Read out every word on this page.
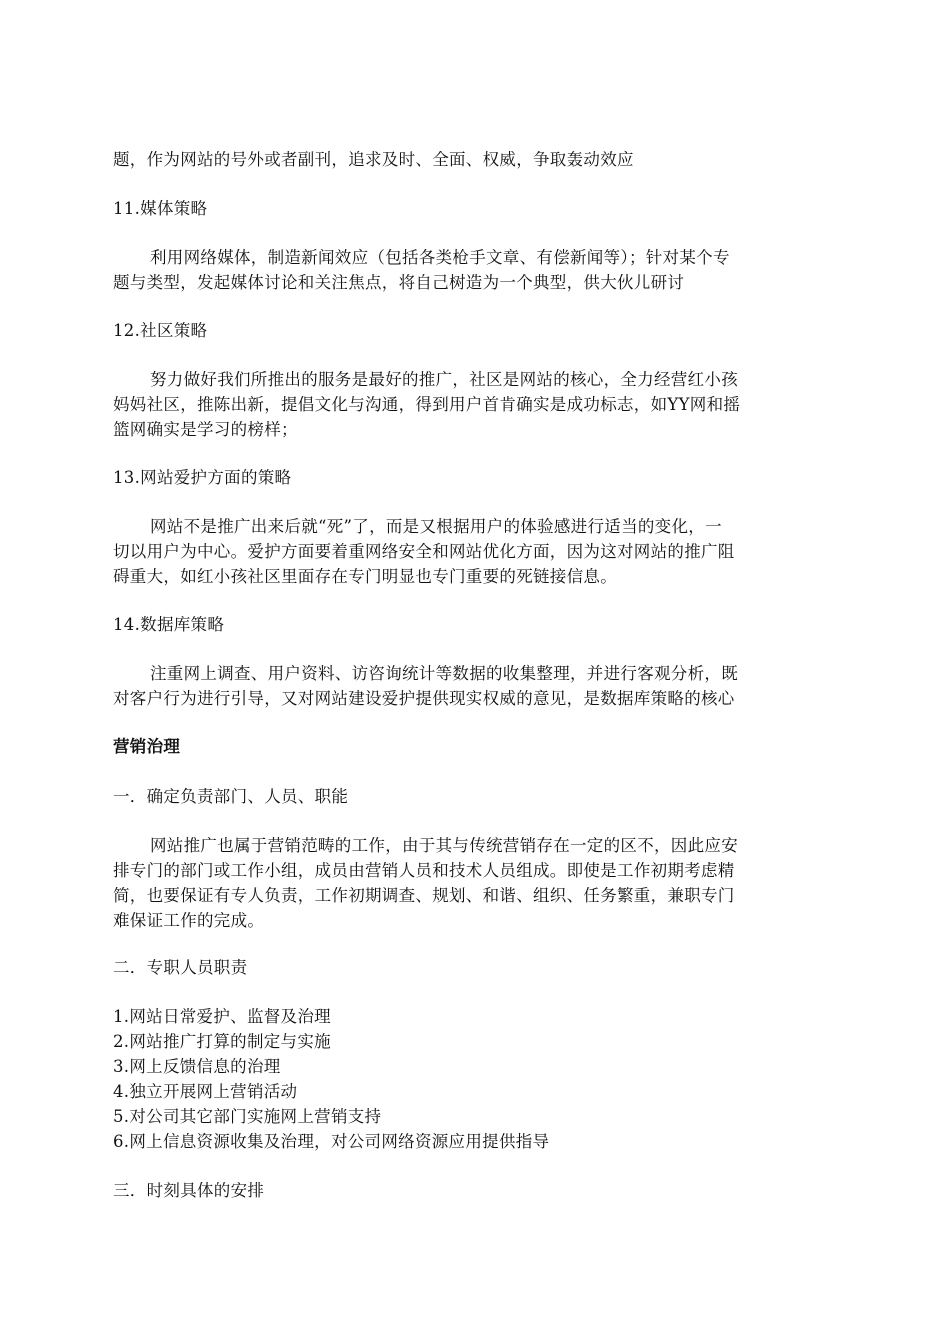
题，作为网站的号外或者副刊，追求及时、全面、权威，争取轰动效应
11.媒体策略
利用网络媒体，制造新闻效应（包括各类枪手文章、有偿新闻等）；针对某个专
题与类型，发起媒体讨论和关注焦点，将自己树造为一个典型，供大伙儿研讨
12.社区策略
努力做好我们所推出的服务是最好的推广，社区是网站的核心，全力经营红小孩
妈妈社区，推陈出新，提倡文化与沟通，得到用户首肯确实是成功标志，如YY网和摇
篮网确实是学习的榜样；
13.网站爱护方面的策略
网站不是推广出来后就“死”了，而是又根据用户的体验感进行适当的变化，一
切以用户为中心。爱护方面要着重网络安全和网站优化方面，因为这对网站的推广阻
碍重大，如红小孩社区里面存在专门明显也专门重要的死链接信息。
14.数据库策略
注重网上调查、用户资料、访咨询统计等数据的收集整理，并进行客观分析，既
对客户行为进行引导，又对网站建设爱护提供现实权威的意见，是数据库策略的核心
营销治理
一．确定负责部门、人员、职能
网站推广也属于营销范畴的工作，由于其与传统营销存在一定的区不，因此应安
排专门的部门或工作小组，成员由营销人员和技术人员组成。即使是工作初期考虑精
简，也要保证有专人负责，工作初期调查、规划、和谐、组织、任务繁重，兼职专门
难保证工作的完成。
二．专职人员职责
1.网站日常爱护、监督及治理
2.网站推广打算的制定与实施
3.网上反馈信息的治理
4.独立开展网上营销活动
5.对公司其它部门实施网上营销支持
6.网上信息资源收集及治理，对公司网络资源应用提供指导
三．时刻具体的安排
